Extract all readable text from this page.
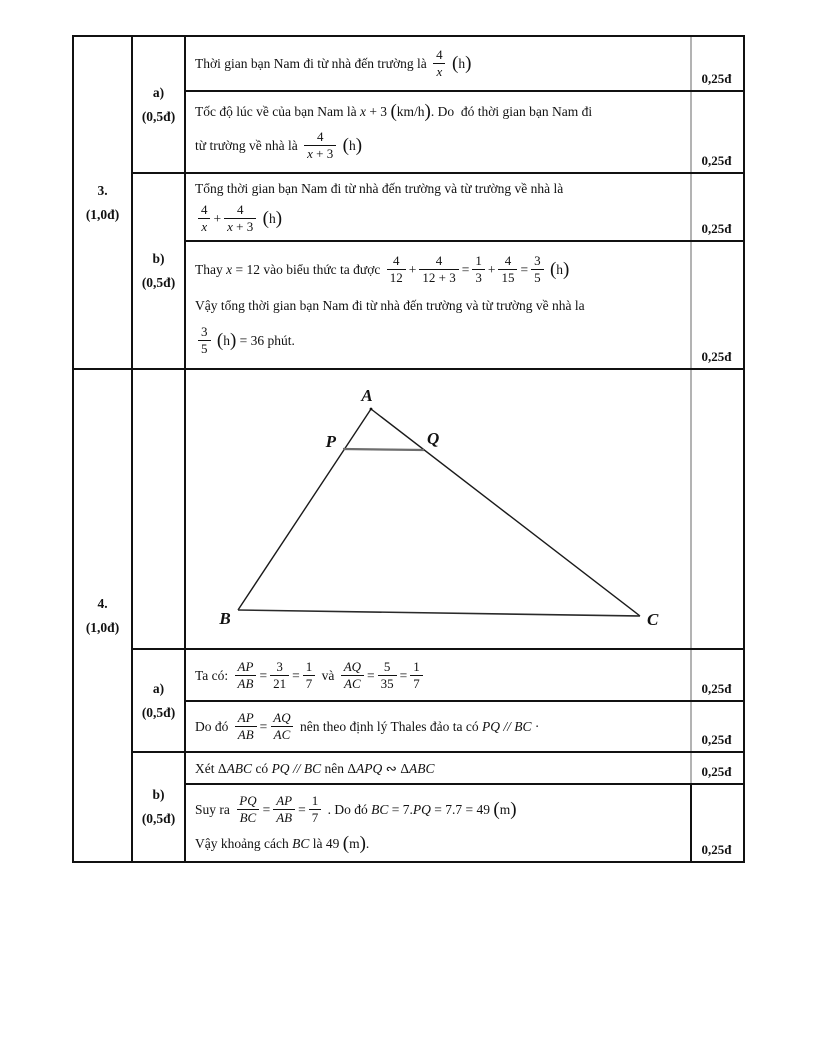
3.
(1,0đ)
4.
(1,0đ)
a)
(0,5đ)
b)
(0,5đ)
a)
(0,5đ)
b)
(0,5đ)
Thời gian bạn Nam đi từ nhà đến trường là $\frac{4}{x}$
( h )
Tốc độ lúc về của bạn Nam là x + 3 ( km/h ) . Do  đó thời gian bạn Nam đi
từ trường về nhà là $\frac{4}{x + 3}$
( h )
Tổng thời gian bạn Nam đi từ nhà đến trường và từ trường về nhà là
$\frac{4}{x} + \frac{4}{x + 3}$
( h )
Thay x = 12 vào biểu thức ta được $\frac{4}{12} + \frac{4}{12 + 3} = \frac{1}{3} + \frac{4}{15} = \frac{3}{5}$
( h )
Vậy tổng thời gian bạn Nam đi từ nhà đến trường và từ trường về nhà la
$\frac{3}{5}$
( h ) = 36 phút.
Ta có: $\frac{AP}{AB} = \frac{3}{21} = \frac{1}{7}$ và $\frac{AQ}{AC} = \frac{5}{35} = \frac{1}{7}$
Do đó $\frac{AP}{AB} = \frac{AQ}{AC}$ nên theo định lý Thales đảo ta có PQ
//
BC ·
Xét Δ ABC có PQ
//
BC nên Δ APQ ∾ Δ ABC
Suy ra $\frac{PQ}{BC} = \frac{AP}{AB} = \frac{1}{7}$ . Do đó BC = 7. PQ = 7.7 = 49 ( m )
Vậy khoảng cách BC là 49 ( m ) .
A
P	Q
B	C
0,25đ
0,25đ
0,25đ
0,25đ
0,25đ
0,25đ
0,25đ
0,25đ
